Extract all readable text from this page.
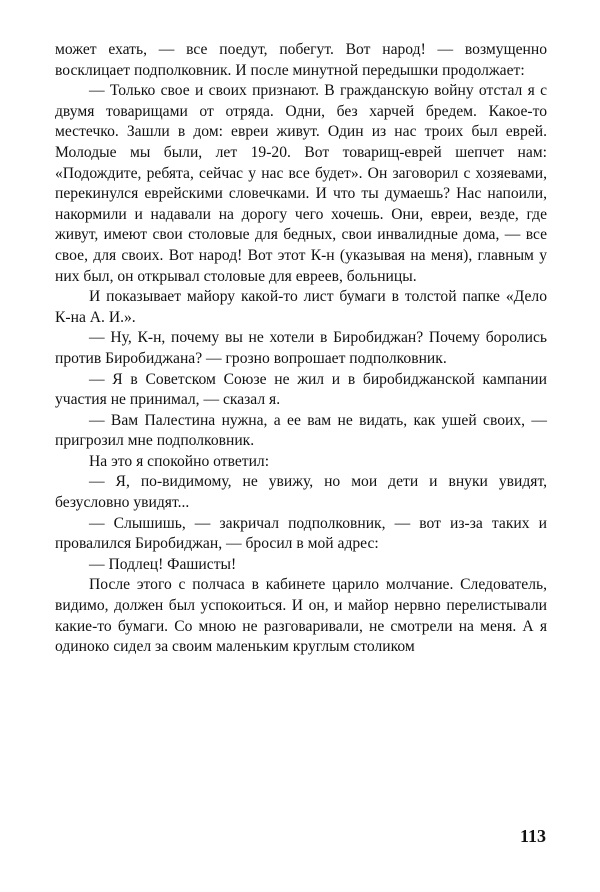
может ехать, — все поедут, побегут. Вот народ! — возмущенно восклицает подполковник. И после минутной передышки продолжает:

— Только свое и своих признают. В гражданскую войну отстал я с двумя товарищами от отряда. Одни, без харчей бредем. Какое-то местечко. Зашли в дом: евреи живут. Один из нас троих был еврей. Молодые мы были, лет 19-20. Вот товарищ-еврей шепчет нам: «Подождите, ребята, сейчас у нас все будет». Он заговорил с хозяевами, перекинулся еврейскими словечками. И что ты думаешь? Нас напоили, накормили и надавали на дорогу чего хочешь. Они, евреи, везде, где живут, имеют свои столовые для бедных, свои инвалидные дома, — все свое, для своих. Вот народ! Вот этот К-н (указывая на меня), главным у них был, он открывал столовые для евреев, больницы.

И показывает майору какой-то лист бумаги в толстой папке «Дело К-на А. И.».

— Ну, К-н, почему вы не хотели в Биробиджан? Почему боролись против Биробиджана? — грозно вопрошает подполковник.

— Я в Советском Союзе не жил и в биробиджанской кампании участия не принимал, — сказал я.

— Вам Палестина нужна, а ее вам не видать, как ушей своих, — пригрозил мне подполковник.

На это я спокойно ответил:

— Я, по-видимому, не увижу, но мои дети и внуки увидят, безусловно увидят...

— Слышишь, — закричал подполковник, — вот из-за таких и провалился Биробиджан, — бросил в мой адрес:

— Подлец! Фашисты!

После этого с полчаса в кабинете царило молчание. Следователь, видимо, должен был успокоиться. И он, и майор нервно перелистывали какие-то бумаги. Со мною не разговаривали, не смотрели на меня. А я одиноко сидел за своим маленьким круглым столиком

113
